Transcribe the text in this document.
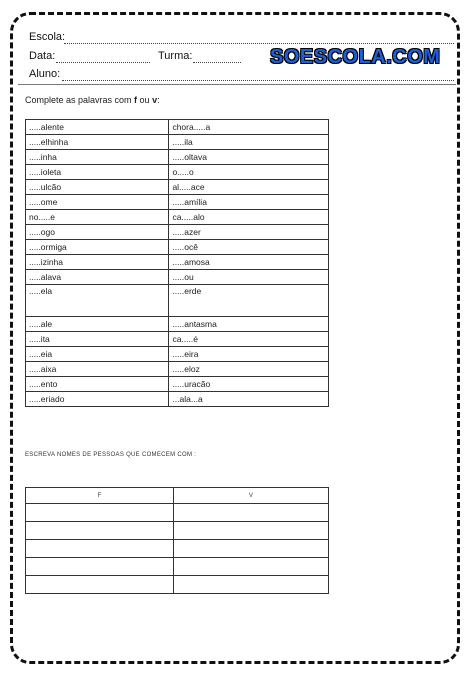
Escola:
Data:	Turma:	SOESCOLA.COM
Aluno:
Complete as palavras com f ou v:
.....alente	chora.....a
.....elhinha	.....ila
.....inha	.....oltava
.....ioleta	o.....o
.....ulcão	al.....ace
.....ome	.....amília
no.....e	ca.....alo
.....ogo	.....azer
.....ormiga	.....ocê
.....izinha	.....amosa
.....alava	.....ou
.....ela	.....erde
.....ale	.....antasma
.....ita	ca.....é
.....eia	.....eira
.....aixa	.....eloz
.....ento	.....uracão
.....eriado	...ala...a
ESCREVA NOMES DE PESSOAS QUE COMECEM COM :
F	V
